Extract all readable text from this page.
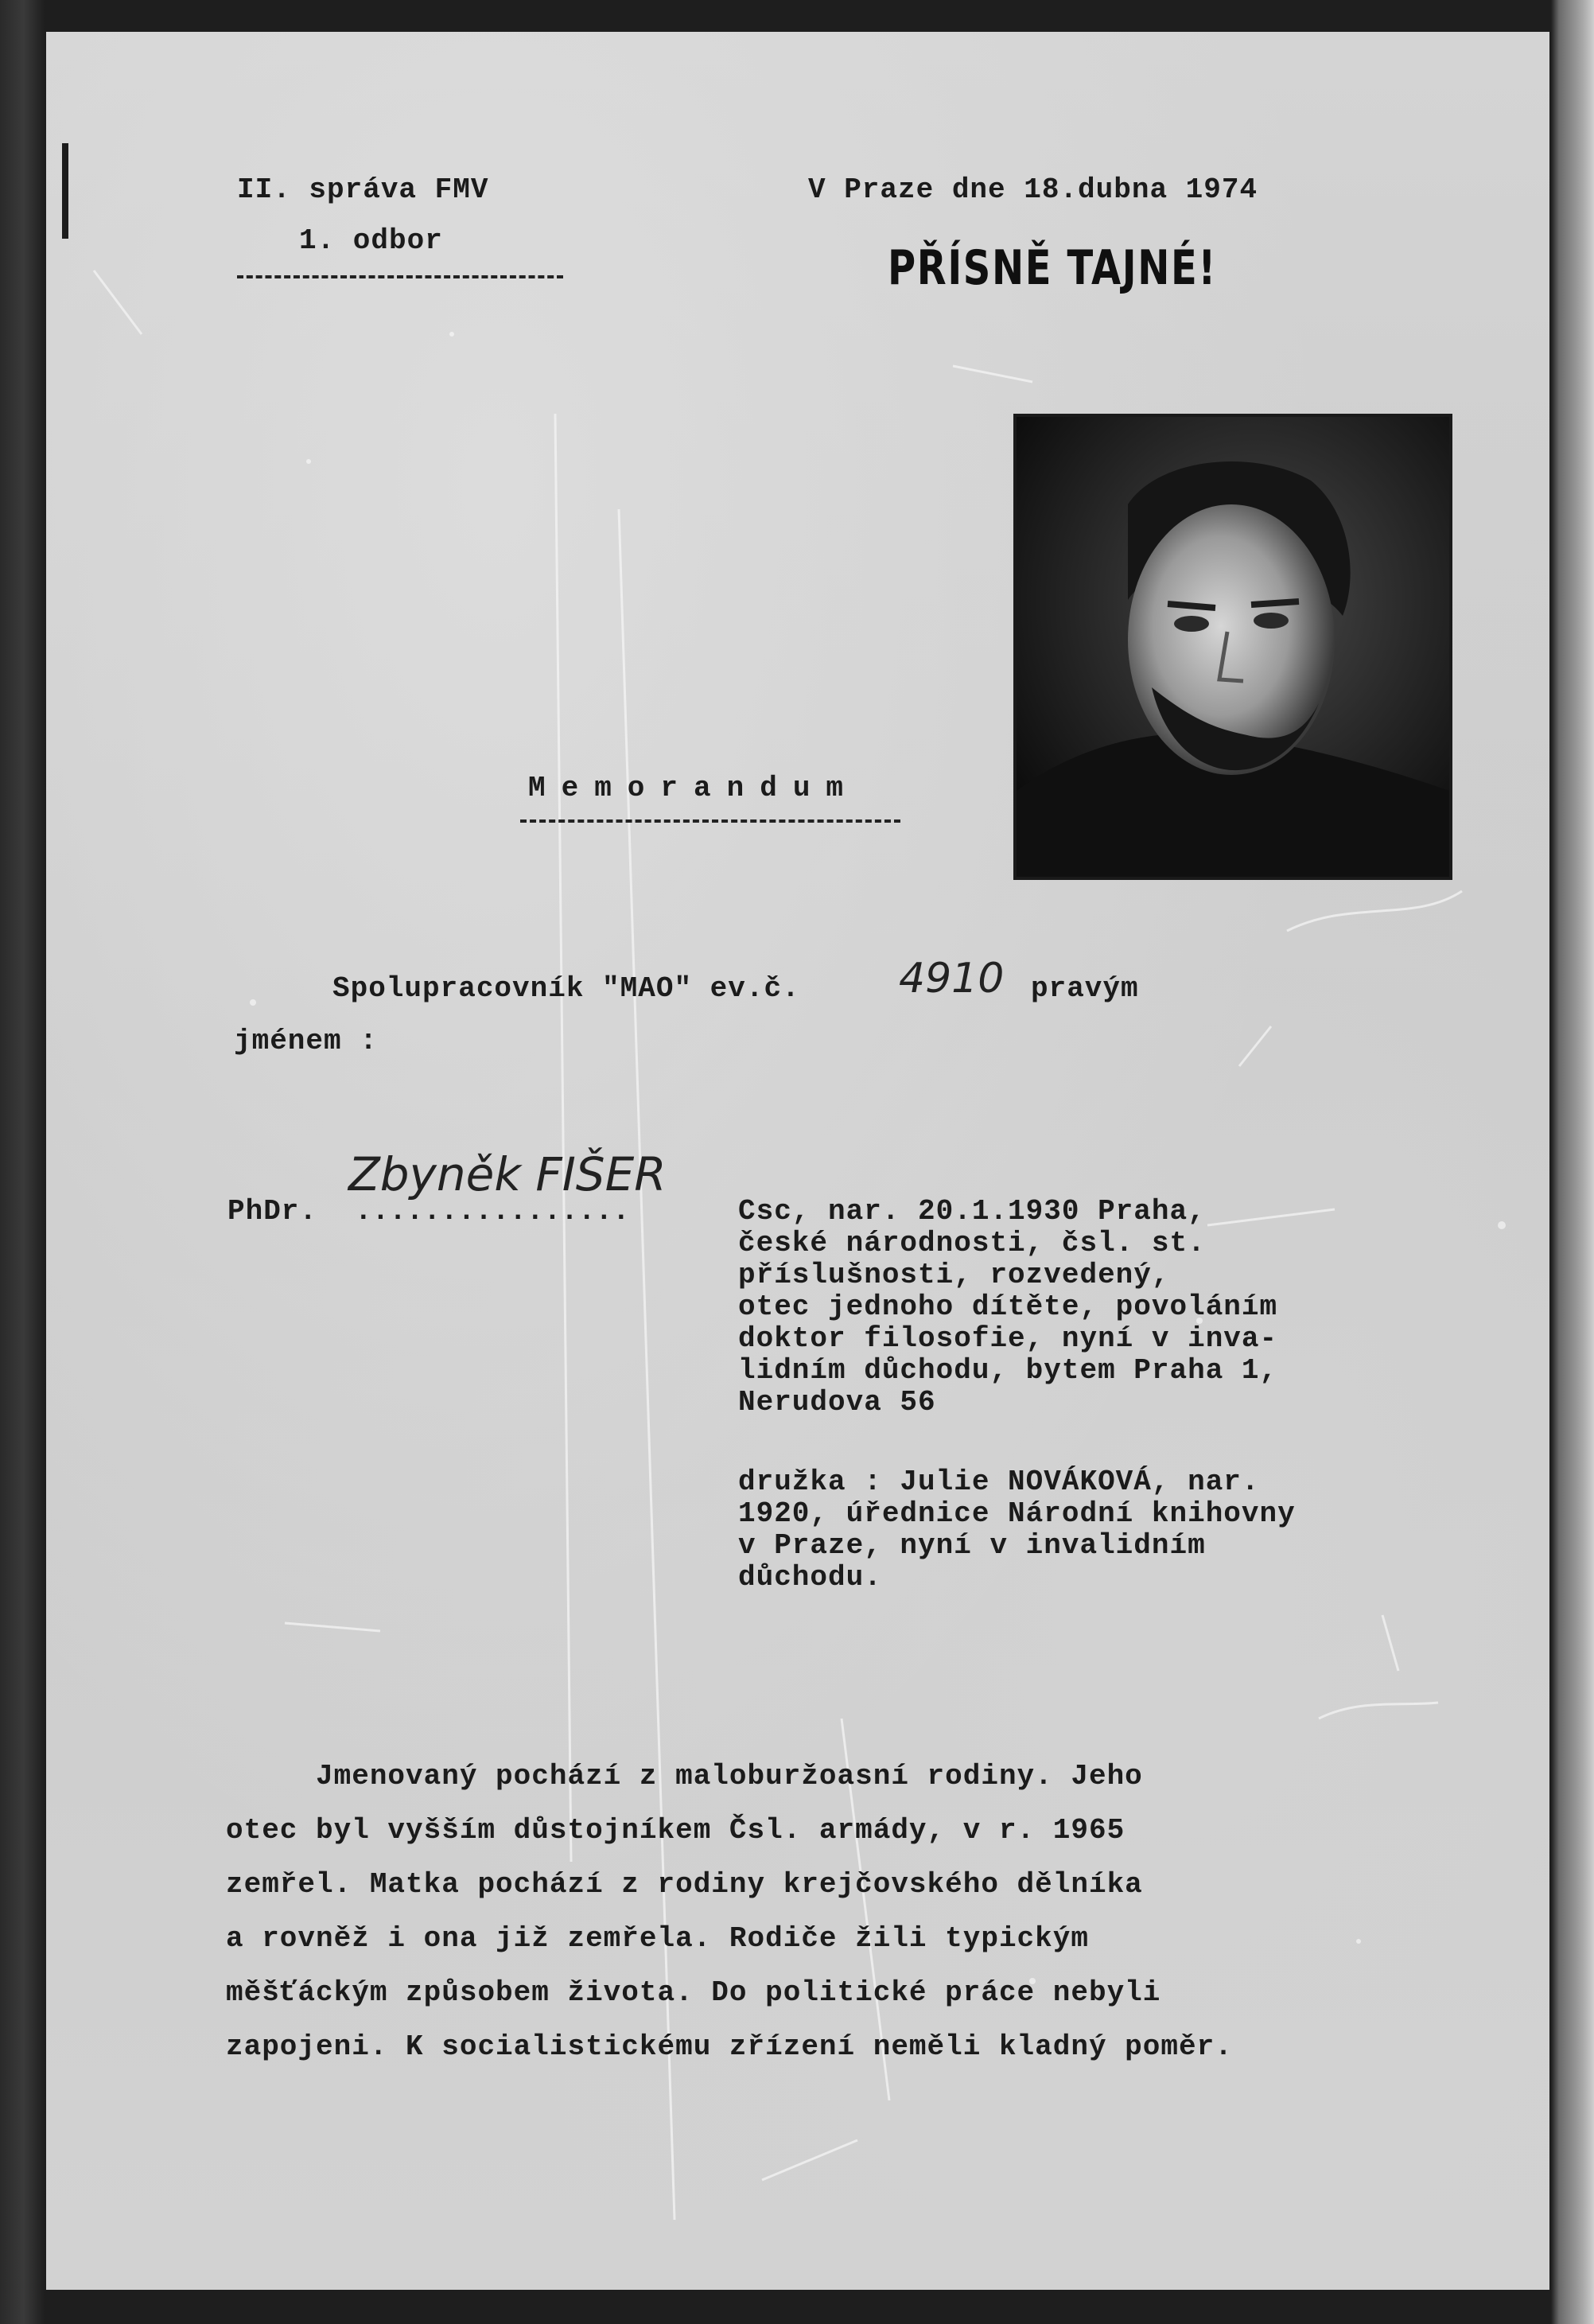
II. správa FMV

1. odbor

V Praze dne 18.dubna 1974

PŘÍSNĚ TAJNÉ!

Memorandum

Spolupracovník "MAO" ev.č. 4910 pravým

jménem :

PhDr. ................

Zbyněk FIŠER

Csc, nar. 20.1.1930 Praha,

české národnosti, čsl. st.

příslušnosti, rozvedený,

otec jednoho dítěte, povoláním

doktor filosofie, nyní v inva-

lidním důchodu, bytem Praha 1,

Nerudova 56

družka : Julie NOVÁKOVÁ, nar.

1920, úřednice Národní knihovny

v Praze, nyní v invalidním

důchodu.

Jmenovaný pochází z maloburžoasní rodiny. Jeho

otec byl vyšším důstojníkem Čsl. armády, v r. 1965

zemřel. Matka pochází z rodiny krejčovského dělníka

a rovněž i ona již zemřela. Rodiče žili typickým

měšťáckým způsobem života. Do politické práce nebyli

zapojeni. K socialistickému zřízení neměli kladný poměr.
